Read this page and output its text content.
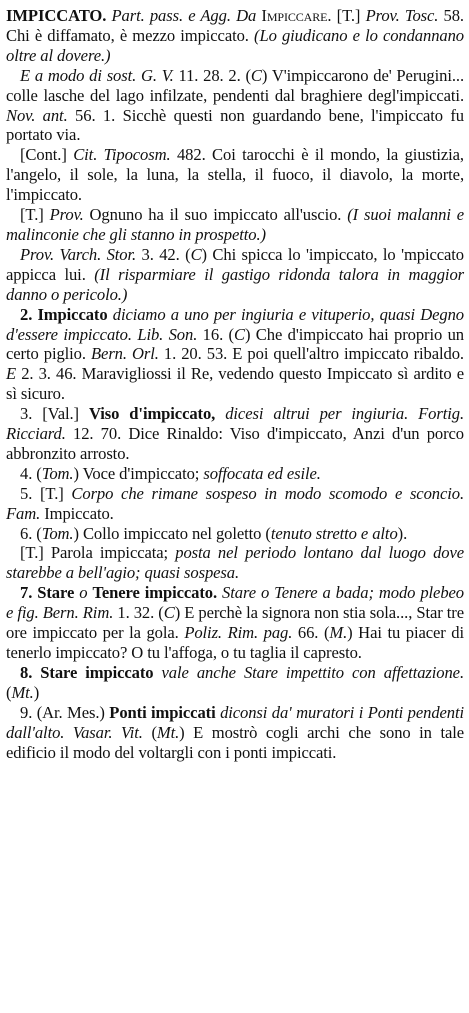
IMPICCATO. Part. pass. e Agg. Da Impiccare. [T.] Prov. Tosc. 58. Chi è diffamato, è mezzo impiccato. (Lo giudicano e lo condannano oltre al dovere.)

E a modo di sost. G. V. 11. 28. 2. (C) V'impiccarono de' Perugini... colle lasche del lago infilzate, pendenti dal braghiere degl'impiccati. Nov. ant. 56. 1. Sicchè questi non guardando bene, l'impiccato fu portato via.

[Cont.] Cit. Tipocosm. 482. Coi tarocchi è il mondo, la giustizia, l'angelo, il sole, la luna, la stella, il fuoco, il diavolo, la morte, l'impiccato.

[T.] Prov. Ognuno ha il suo impiccato all'uscio. (I suoi malanni e malinconie che gli stanno in prospetto.)

Prov. Varch. Stor. 3. 42. (C) Chi spicca lo 'impiccato, lo 'mpiccato appicca lui. (Il risparmiare il gastigo ridonda talora in maggior danno o pericolo.)

2. Impiccato diciamo a uno per ingiuria e vituperio, quasi Degno d'essere impiccato. Lib. Son. 16. (C) Che d'impiccato hai proprio un certo piglio. Bern. Orl. 1. 20. 53. E poi quell'altro impiccato ribaldo. E 2. 3. 46. Maravigliossi il Re, vedendo questo Impiccato sì ardito e sì sicuro.

3. [Val.] Viso d'impiccato, dicesi altrui per ingiuria. Fortig. Ricciard. 12. 70. Dice Rinaldo: Viso d'impiccato, Anzi d'un porco abbronzito arrosto.

4. (Tom.) Voce d'impiccato; soffocata ed esile.

5. [T.] Corpo che rimane sospeso in modo scomodo e sconcio. Fam. Impiccato.

6. (Tom.) Collo impiccato nel goletto (tenuto stretto e alto).

[T.] Parola impiccata; posta nel periodo lontano dal luogo dove starebbe a bell'agio; quasi sospesa.

7. Stare o Tenere impiccato. Stare o Tenere a bada; modo plebeo e fig. Bern. Rim. 1. 32. (C) E perchè la signora non stia sola..., Star tre ore impiccato per la gola. Poliz. Rim. pag. 66. (M.) Hai tu piacer di tenerlo impiccato? O tu l'affoga, o tu taglia il capresto.

8. Stare impiccato vale anche Stare impettito con affettazione. (Mt.)

9. (Ar. Mes.) Ponti impiccati diconsi da' muratori i Ponti pendenti dall'alto. Vasar. Vit. (Mt.) E mostrò cogli archi che sono in tale edificio il modo del voltargli con i ponti impiccati.
